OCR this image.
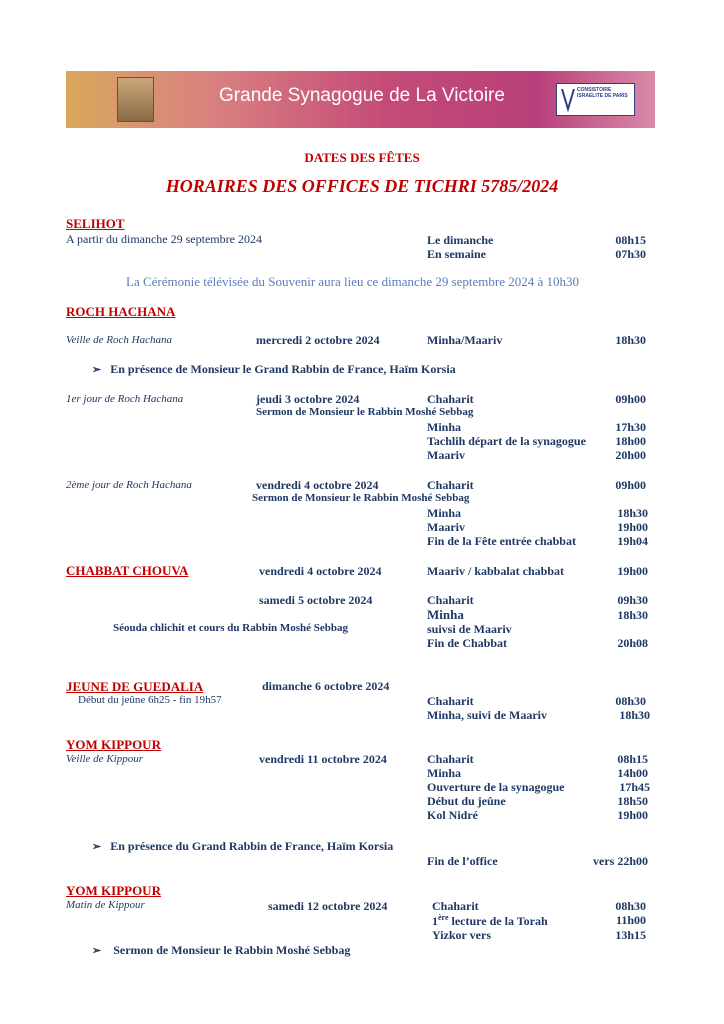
Grande Synagogue de La Victoire	CONSISTOIRE ISRAELITE DE PARIS
DATES DES FÊTES
HORAIRES DES OFFICES DE TICHRI 5785/2024
SELIHOT
A partir du dimanche 29 septembre 2024	Le dimanche	08h15
En semaine	07h30
La Cérémonie télévisée du Souvenir aura lieu ce dimanche 29 septembre 2024 à 10h30
ROCH HACHANA
Veille de Roch Hachana	mercredi 2 octobre 2024	Minha/Maariv	18h30
➢ En présence de Monsieur le Grand Rabbin de France, Haïm Korsia
1er jour de Roch Hachana	jeudi 3 octobre 2024
Sermon de Monsieur le Rabbin Moshé Sebbag
Chaharit	09h00
Minha	17h30
Tachlih départ de la synagogue	18h00
Maariv	20h00
2ème jour de Roch Hachana	vendredi 4 octobre 2024
Sermon de Monsieur le Rabbin Moshé Sebbag
Chaharit	09h00
Minha	18h30
Maariv	19h00
Fin de la Fête entrée chabbat	19h04
CHABBAT CHOUVA	vendredi 4 octobre 2024	Maariv / kabbalat chabbat	19h00
samedi 5 octobre 2024	Chaharit	09h30
Minha	18h30
Séouda chlichit et cours du Rabbin Moshé Sebbag	suivsi de Maariv
Fin de Chabbat	20h08
JEUNE DE GUEDALIA	dimanche 6 octobre 2024
Début du jeûne 6h25 - fin 19h57	Chaharit	08h30
Minha, suivi de Maariv	18h30
YOM KIPPOUR
Veille de Kippour	vendredi 11 octobre 2024	Chaharit	08h15
Minha	14h00
Ouverture de la synagogue	17h45
Début du jeûne	18h50
Kol Nidré	19h00
➢ En présence du Grand Rabbin de France, Haïm Korsia
Fin de l’office	vers 22h00
YOM KIPPOUR
Matin de Kippour	samedi 12 octobre 2024	Chaharit	08h30
1ère lecture de la Torah	11h00
Yizkor vers	13h15
➢ Sermon de Monsieur le Rabbin Moshé Sebbag
